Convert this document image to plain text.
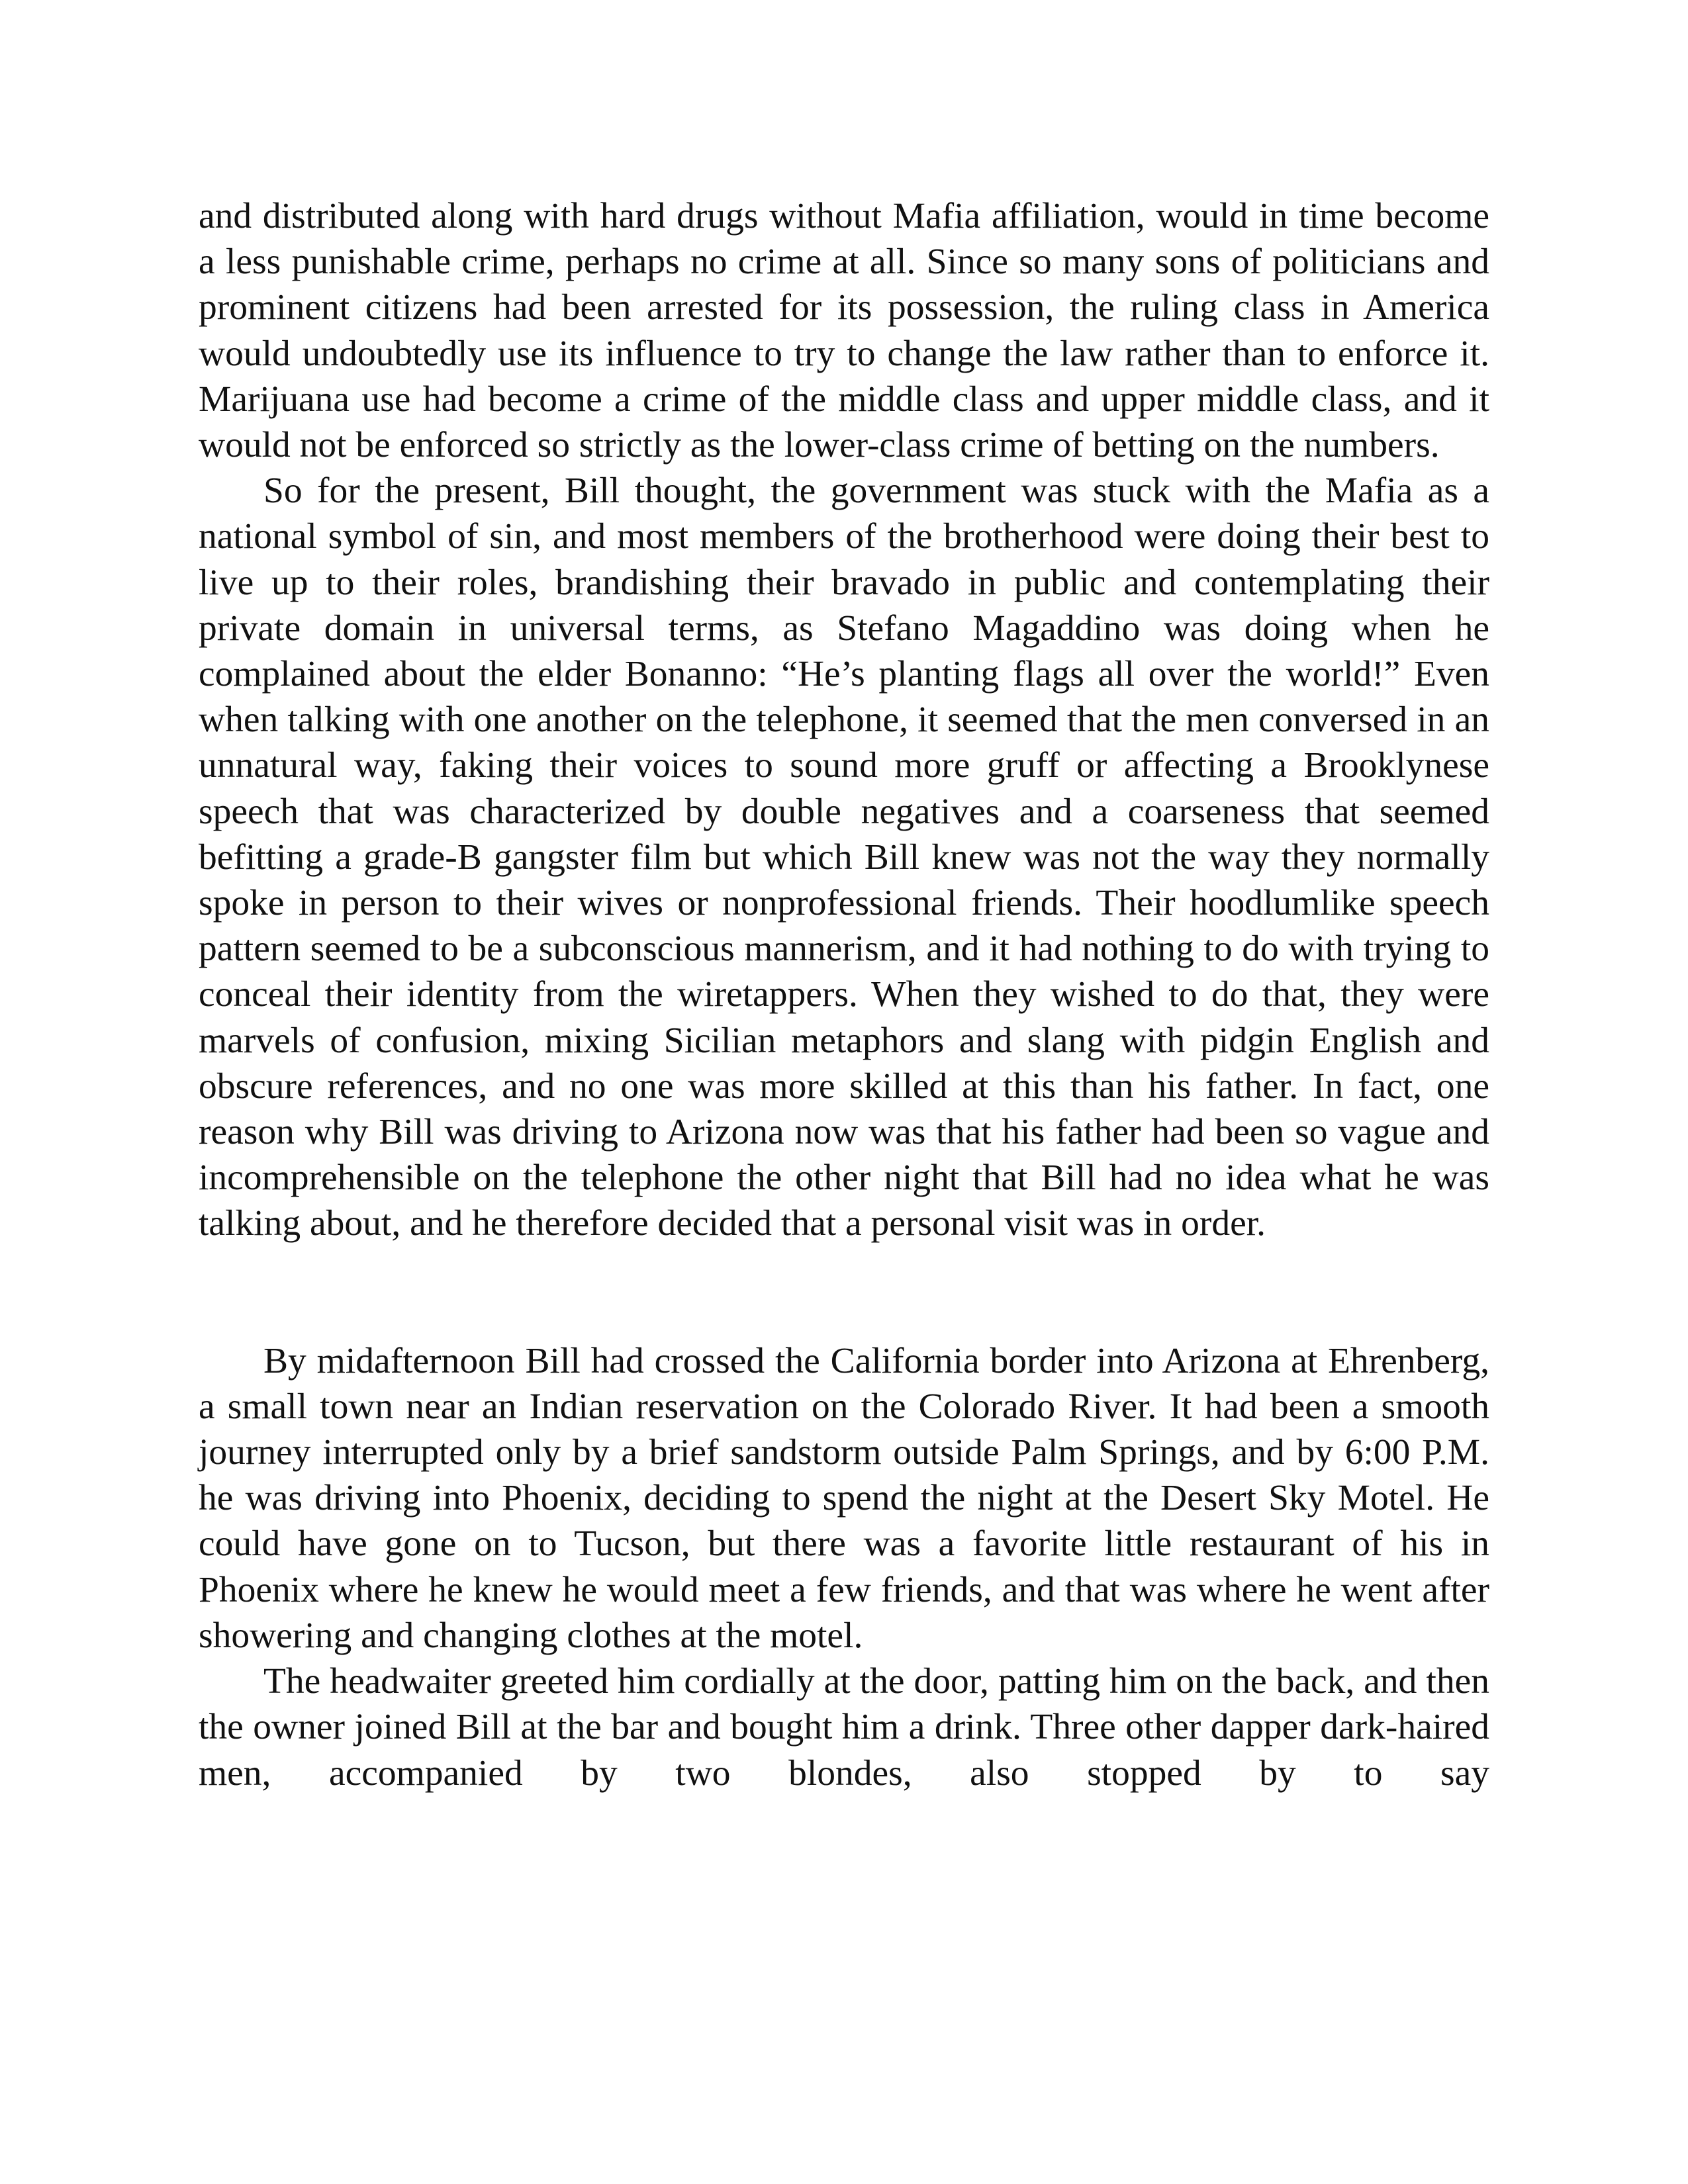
and distributed along with hard drugs without Mafia affiliation, would in time become a less punishable crime, perhaps no crime at all. Since so many sons of politicians and prominent citizens had been arrested for its possession, the ruling class in America would undoubtedly use its influence to try to change the law rather than to enforce it. Marijuana use had become a crime of the middle class and upper middle class, and it would not be enforced so strictly as the lower-class crime of betting on the numbers.

So for the present, Bill thought, the government was stuck with the Mafia as a national symbol of sin, and most members of the brotherhood were doing their best to live up to their roles, brandishing their bravado in public and contemplating their private domain in universal terms, as Stefano Magaddino was doing when he complained about the elder Bonanno: “He’s planting flags all over the world!” Even when talking with one another on the telephone, it seemed that the men conversed in an unnatural way, faking their voices to sound more gruff or affecting a Brooklynese speech that was characterized by double negatives and a coarseness that seemed befitting a grade-B gangster film but which Bill knew was not the way they normally spoke in person to their wives or nonprofessional friends. Their hoodlumlike speech pattern seemed to be a subconscious mannerism, and it had nothing to do with trying to conceal their identity from the wiretappers. When they wished to do that, they were marvels of confusion, mixing Sicilian metaphors and slang with pidgin English and obscure references, and no one was more skilled at this than his father. In fact, one reason why Bill was driving to Arizona now was that his father had been so vague and incomprehensible on the telephone the other night that Bill had no idea what he was talking about, and he therefore decided that a personal visit was in order.

By midafternoon Bill had crossed the California border into Arizona at Ehrenberg, a small town near an Indian reservation on the Colorado River. It had been a smooth journey interrupted only by a brief sandstorm outside Palm Springs, and by 6:00 P.M. he was driving into Phoenix, deciding to spend the night at the Desert Sky Motel. He could have gone on to Tucson, but there was a favorite little restaurant of his in Phoenix where he knew he would meet a few friends, and that was where he went after showering and changing clothes at the motel.

The headwaiter greeted him cordially at the door, patting him on the back, and then the owner joined Bill at the bar and bought him a drink. Three other dapper dark-haired men, accompanied by two blondes, also stopped by to say
